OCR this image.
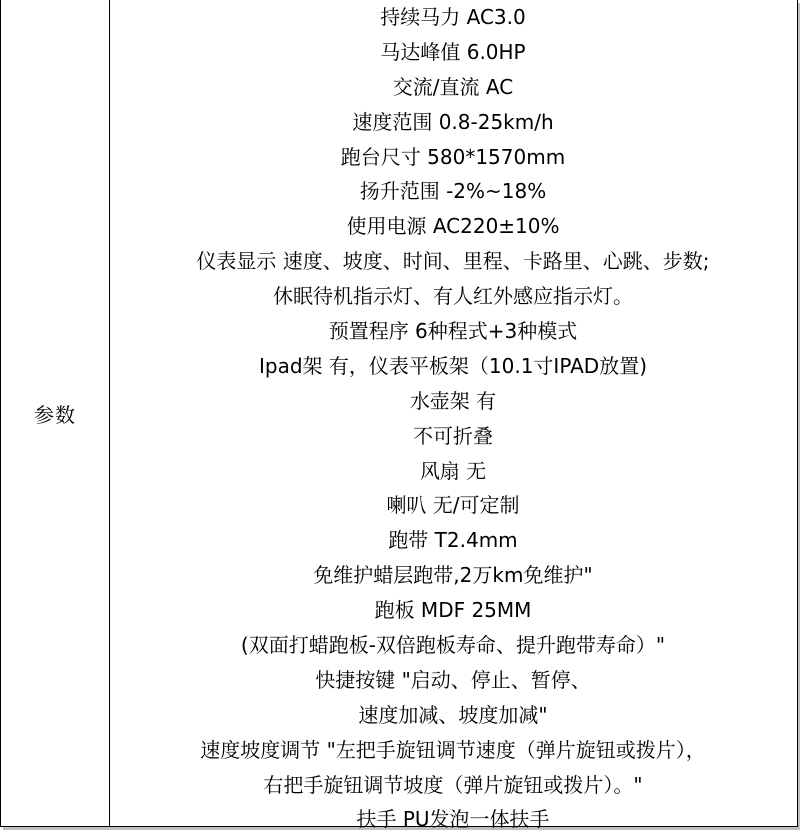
参数
持续马力 AC3.0
马达峰值 6.0HP
交流/直流 AC
速度范围 0.8-25km/h
跑台尺寸 580*1570mm
扬升范围 -2%~18%
使用电源 AC220±10%
仪表显示 速度、坡度、时间、里程、卡路里、心跳、步数;
休眠待机指示灯、有人红外感应指示灯。
预置程序 6种程式+3种模式
Ipad架 有，仪表平板架（10.1寸IPAD放置)
水壶架 有
不可折叠
风扇 无
喇叭 无/可定制
跑带 T2.4mm
免维护蜡层跑带,2万km免维护"
跑板 MDF 25MM
(双面打蜡跑板-双倍跑板寿命、提升跑带寿命）"
快捷按键 "启动、停止、暂停、
速度加减、坡度加减"
速度坡度调节 "左把手旋钮调节速度（弹片旋钮或拨片），
右把手旋钮调节坡度（弹片旋钮或拨片）。"
扶手 PU发泡一体扶手
